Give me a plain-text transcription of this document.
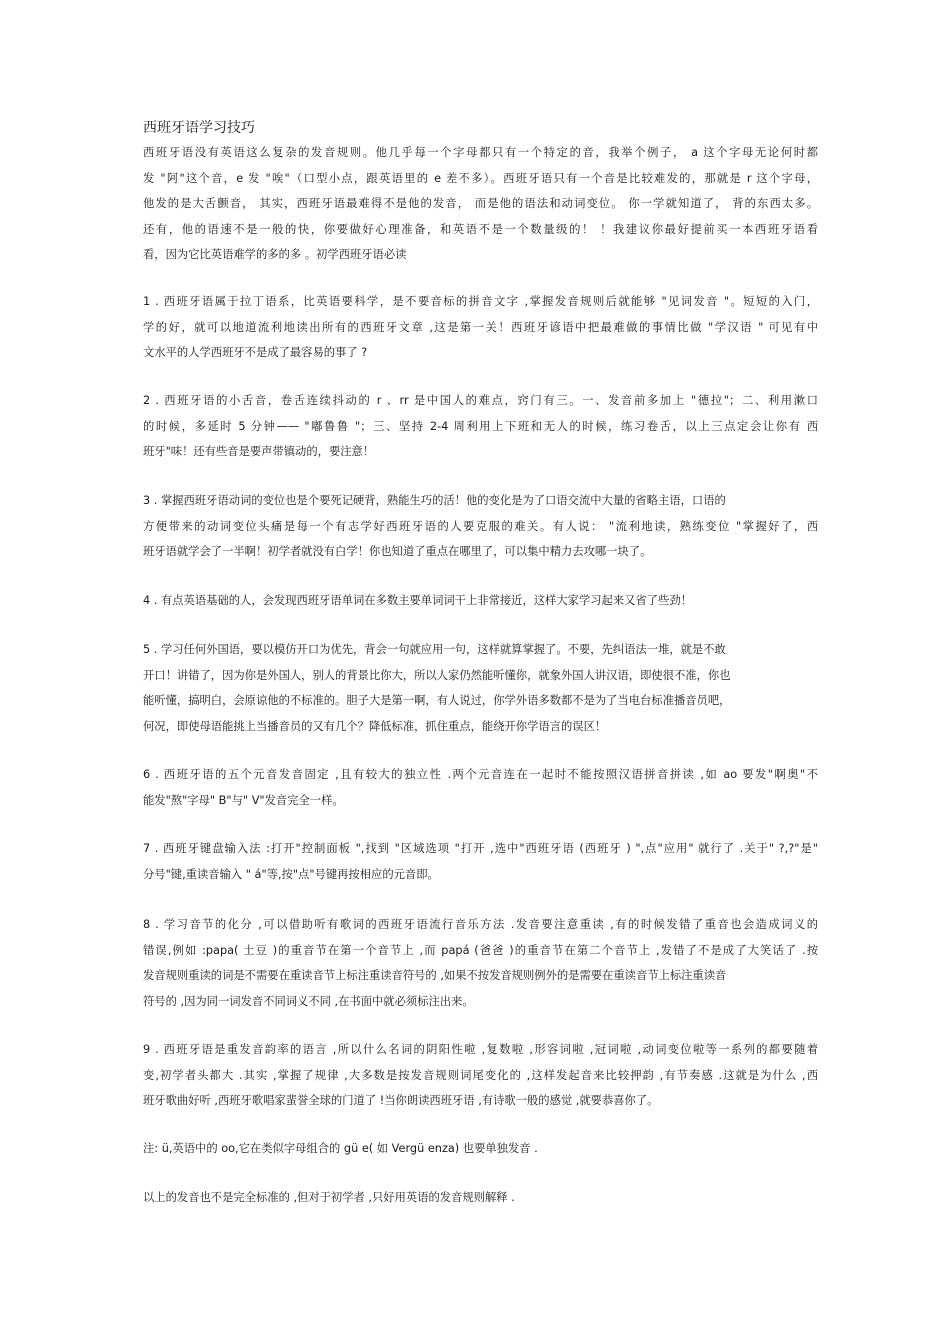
西班牙语学习技巧
西班牙语没有英语这么复杂的发音规则。他几乎每一个字母都只有一个特定的音，我举个例子， a 这个字母无论何时都
发 "阿"这个音，e 发 "唉"（口型小点，跟英语里的 e 差不多）。西班牙语只有一个音是比较难发的，那就是 r 这个字母，
他发的是大舌颤音， 其实，西班牙语最难得不是他的发音， 而是他的语法和动词变位。 你一学就知道了， 背的东西太多。
还有，他的语速不是一般的快，你要做好心理准备，和英语不是一个数量级的！ ！我建议你最好提前买一本西班牙语看
看，因为它比英语难学的多的多 。初学西班牙语必读
1 . 西班牙语属于拉丁语系，比英语要科学，是不要音标的拼音文字 ,掌握发音规则后就能够 "见词发音 "。短短的入门，
学的好，就可以地道流利地读出所有的西班牙文章 ,这是第一关！西班牙谚语中把最难做的事情比做 "学汉语 " 可见有中
文水平的人学西班牙不是成了最容易的事了 ?
2 . 西班牙语的小舌音，卷舌连续抖动的 r 、rr 是中国人的难点，窍门有三。一、发音前多加上 "德拉"；二、利用漱口
的时候，多延时 5 分钟—— "嘟鲁鲁 "；三、坚持 2-4 周利用上下班和无人的时候，练习卷舌，以上三点定会让你有 西
班牙"味！还有些音是要声带镇动的，要注意！
3 . 掌握西班牙语动词的变位也是个要死记硬背，熟能生巧的活！他的变化是为了口语交流中大量的省略主语，口语的
方便带来的动词变位头痛是每一个有志学好西班牙语的人要克服的难关。有人说： "流利地读，熟练变位 "掌握好了，西
班牙语就学会了一半啊！初学者就没有白学！你也知道了重点在哪里了，可以集中精力去攻哪一块了。
4 . 有点英语基础的人，会发现西班牙语单词在多数主要单词词干上非常接近，这样大家学习起来又省了些劲！
5 . 学习任何外国语，要以模仿开口为优先，背会一句就应用一句，这样就算掌握了。不要，先纠语法一堆，就是不敢
开口！讲错了，因为你是外国人，别人的背景比你大，所以人家仍然能听懂你，就象外国人讲汉语，即使很不准，你也
能听懂，搞明白，会原谅他的不标准的。胆子大是第一啊，有人说过，你学外语多数都不是为了当电台标准播音员吧，
何况，即使母语能挑上当播音员的又有几个？降低标准，抓住重点，能绕开你学语言的误区！
6 . 西班牙语的五个元音发音固定 ,且有较大的独立性 .两个元音连在一起时不能按照汉语拼音拼读 ,如 ao 要发"啊奥"不
能发"熬"字母" B"与" V"发音完全一样。
7 . 西班牙键盘输入法 :打开"控制面板 ",找到 "区域选项 "打开 ,选中"西班牙语 (西班牙 ) ",点"应用" 就行了 .关于" ?,?"是"
分号"键,重读音输入 " á"等,按"点"号键再按相应的元音即。
8 . 学习音节的化分 ,可以借助听有歌词的西班牙语流行音乐方法 .发音要注意重读 ,有的时候发错了重音也会造成词义的
错误,例如 :papa( 土豆 )的重音节在第一个音节上 ,而 papá (爸爸 )的重音节在第二个音节上 ,发错了不是成了大笑话了 .按
发音规则重读的词是不需要在重读音节上标注重读音符号的 ,如果不按发音规则例外的是需要在重读音节上标注重读音
符号的 ,因为同一词发音不同词义不同 ,在书面中就必须标注出来。
9 . 西班牙语是重发音韵率的语言 ,所以什么名词的阴阳性啦 ,复数啦 ,形容词啦 ,冠词啦 ,动词变位啦等一系列的都要随着
变,初学者头都大 .其实 ,掌握了规律 ,大多数是按发音规则词尾变化的 ,这样发起音来比较押韵 ,有节奏感 .这就是为什么 ,西
班牙歌曲好听 ,西班牙歌唱家蜚誉全球的门道了 !当你朗读西班牙语 ,有诗歌一般的感觉 ,就要恭喜你了。
注: ü,英语中的 oo,它在类似字母组合的 gü e( 如 Vergü enza) 也要单独发音 .
以上的发音也不是完全标准的 ,但对于初学者 ,只好用英语的发音规则解释 .
